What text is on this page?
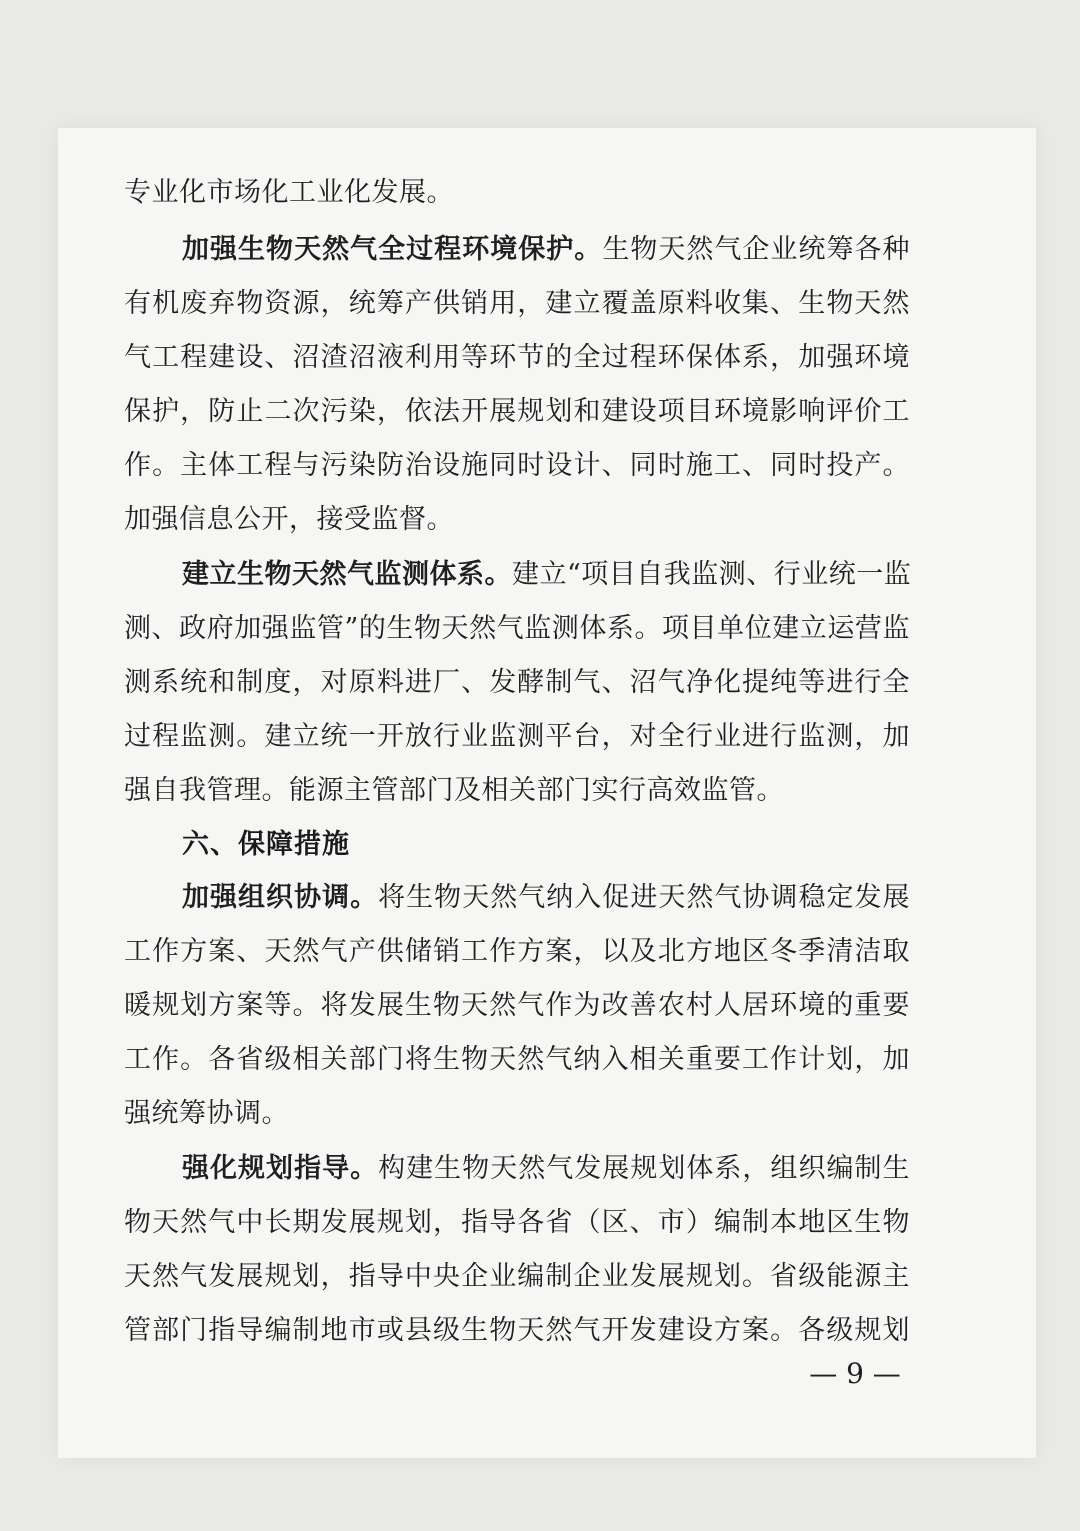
专业化市场化工业化发展。
加强生物天然气全过程环境保护。生物天然气企业统筹各种
有机废弃物资源，统筹产供销用，建立覆盖原料收集、生物天然
气工程建设、沼渣沼液利用等环节的全过程环保体系，加强环境
保护，防止二次污染，依法开展规划和建设项目环境影响评价工
作。主体工程与污染防治设施同时设计、同时施工、同时投产。
加强信息公开，接受监督。
建立生物天然气监测体系。建立“项目自我监测、行业统一监
测、政府加强监管”的生物天然气监测体系。项目单位建立运营监
测系统和制度，对原料进厂、发酵制气、沼气净化提纯等进行全
过程监测。建立统一开放行业监测平台，对全行业进行监测，加
强自我管理。能源主管部门及相关部门实行高效监管。
六、保障措施
加强组织协调。将生物天然气纳入促进天然气协调稳定发展
工作方案、天然气产供储销工作方案，以及北方地区冬季清洁取
暖规划方案等。将发展生物天然气作为改善农村人居环境的重要
工作。各省级相关部门将生物天然气纳入相关重要工作计划，加
强统筹协调。
强化规划指导。构建生物天然气发展规划体系，组织编制生
物天然气中长期发展规划，指导各省（区、市）编制本地区生物
天然气发展规划，指导中央企业编制企业发展规划。省级能源主
管部门指导编制地市或县级生物天然气开发建设方案。各级规划
— 9 —
